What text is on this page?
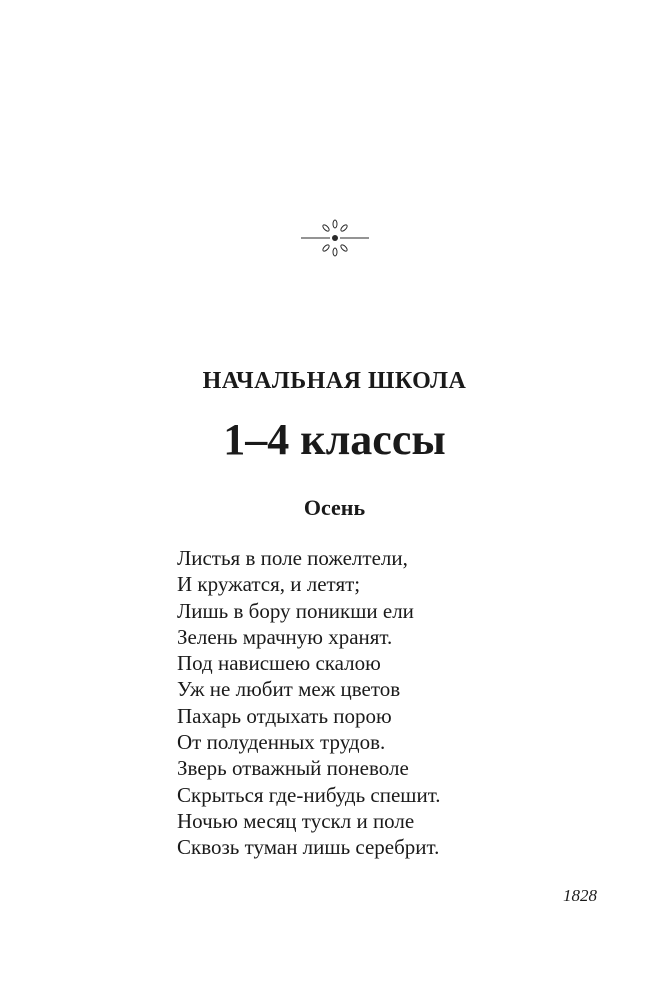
НАЧАЛЬНАЯ ШКОЛА
1–4 классы
Осень
Листья в поле пожелтели,
И кружатся, и летят;
Лишь в бору поникши ели
Зелень мрачную хранят.
Под нависшею скалою
Уж не любит меж цветов
Пахарь отдыхать порою
От полуденных трудов.
Зверь отважный поневоле
Скрыться где-нибудь спешит.
Ночью месяц тускл и поле
Сквозь туман лишь серебрит.
1828
